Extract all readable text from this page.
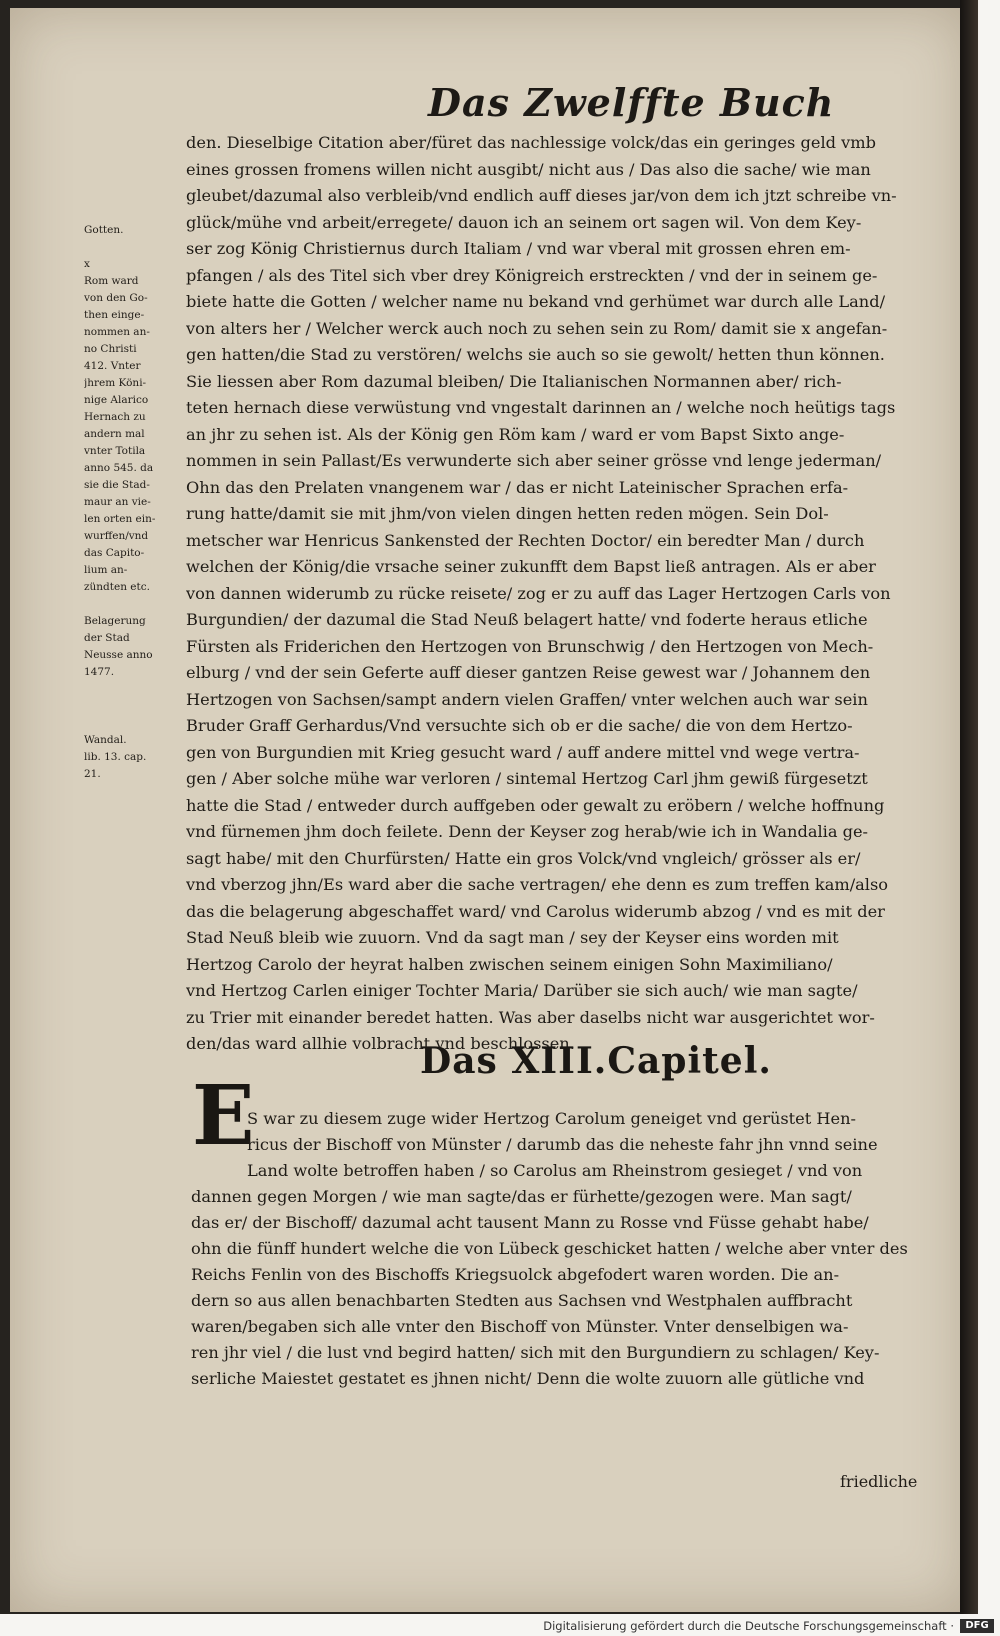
Das Zwelffte Buch
Gotten.

x
Rom ward
von den Go-
then einge-
nommen an-
no Christi
412. Vnter
jhrem Köni-
nige Alarico
Hernach zu
andern mal
vnter Totila
anno 545. da
sie die Stad-
maur an vie-
len orten ein-
wurffen/vnd
das Capito-
lium an-
zündten etc.

Belagerung
der Stad
Neusse anno
1477.

Wandal.
lib. 13. cap.
21.
den. Dieselbige Citation aber/füret das nachlessige volck/das ein geringes geld vmb
eines grossen fromens willen nicht ausgibt/ nicht aus / Das also die sache/ wie man
gleubet/dazumal also verbleib/vnd endlich auff dieses jar/von dem ich jtzt schreibe vn-
glück/mühe vnd arbeit/erregete/ dauon ich an seinem ort sagen wil. Von dem Key-
ser zog König Christiernus durch Italiam / vnd war vberal mit grossen ehren em-
pfangen / als des Titel sich vber drey Königreich erstreckten / vnd der in seinem ge-
biete hatte die Gotten / welcher name nu bekand vnd gerhümet war durch alle Land/
von alters her / Welcher werck auch noch zu sehen sein zu Rom/ damit sie x angefan-
gen hatten/die Stad zu verstören/ welchs sie auch so sie gewolt/ hetten thun können.
Sie liessen aber Rom dazumal bleiben/ Die Italianischen Normannen aber/ rich-
teten hernach diese verwüstung vnd vngestalt darinnen an / welche noch heütigs tags
an jhr zu sehen ist. Als der König gen Röm kam / ward er vom Bapst Sixto ange-
nommen in sein Pallast/Es verwunderte sich aber seiner grösse vnd lenge jederman/
Ohn das den Prelaten vnangenem war / das er nicht Lateinischer Sprachen erfa-
rung hatte/damit sie mit jhm/von vielen dingen hetten reden mögen. Sein Dol-
metscher war Henricus Sankensted der Rechten Doctor/ ein beredter Man / durch
welchen der König/die vrsache seiner zukunfft dem Bapst ließ antragen. Als er aber
von dannen widerumb zu rücke reisete/ zog er zu auff das Lager Hertzogen Carls von
Burgundien/ der dazumal die Stad Neuß belagert hatte/ vnd foderte heraus etliche
Fürsten als Friderichen den Hertzogen von Brunschwig / den Hertzogen von Mech-
elburg / vnd der sein Geferte auff dieser gantzen Reise gewest war / Johannem den
Hertzogen von Sachsen/sampt andern vielen Graffen/ vnter welchen auch war sein
Bruder Graff Gerhardus/Vnd versuchte sich ob er die sache/ die von dem Hertzo-
gen von Burgundien mit Krieg gesucht ward / auff andere mittel vnd wege vertra-
gen / Aber solche mühe war verloren / sintemal Hertzog Carl jhm gewiß fürgesetzt
hatte die Stad / entweder durch auffgeben oder gewalt zu eröbern / welche hoffnung
vnd fürnemen jhm doch feilete. Denn der Keyser zog herab/wie ich in Wandalia ge-
sagt habe/ mit den Churfürsten/ Hatte ein gros Volck/vnd vngleich/ grösser als er/
vnd vberzog jhn/Es ward aber die sache vertragen/ ehe denn es zum treffen kam/also
das die belagerung abgeschaffet ward/ vnd Carolus widerumb abzog / vnd es mit der
Stad Neuß bleib wie zuuorn. Vnd da sagt man / sey der Keyser eins worden mit
Hertzog Carolo der heyrat halben zwischen seinem einigen Sohn Maximiliano/
vnd Hertzog Carlen einiger Tochter Maria/ Darüber sie sich auch/ wie man sagte/
zu Trier mit einander beredet hatten. Was aber daselbs nicht war ausgerichtet wor-
den/das ward allhie volbracht vnd beschlossen.
Das XIII.Capitel.
E
S war zu diesem zuge wider Hertzog Carolum geneiget vnd gerüstet Hen-
ricus der Bischoff von Münster / darumb das die neheste fahr jhn vnnd seine
Land wolte betroffen haben / so Carolus am Rheinstrom gesieget / vnd von
dannen gegen Morgen / wie man sagte/das er fürhette/gezogen were. Man sagt/
das er/ der Bischoff/ dazumal acht tausent Mann zu Rosse vnd Füsse gehabt habe/
ohn die fünff hundert welche die von Lübeck geschicket hatten / welche aber vnter des
Reichs Fenlin von des Bischoffs Kriegsuolck abgefodert waren worden. Die an-
dern so aus allen benachbarten Stedten aus Sachsen vnd Westphalen auffbracht
waren/begaben sich alle vnter den Bischoff von Münster. Vnter denselbigen wa-
ren jhr viel / die lust vnd begird hatten/ sich mit den Burgundiern zu schlagen/ Key-
serliche Maiestet gestatet es jhnen nicht/ Denn die wolte zuuorn alle gütliche vnd
friedliche
Digitalisierung gefördert durch die Deutsche Forschungsgemeinschaft ·	DFG
